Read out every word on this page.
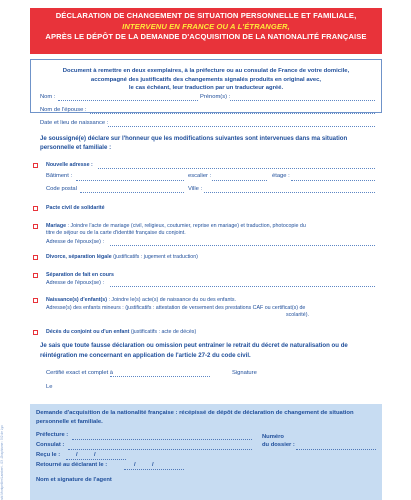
DÉCLARATION DE CHANGEMENT DE SITUATION PERSONNELLE ET FAMILIALE,
INTERVENU EN FRANCE OU A L'ÉTRANGER,
APRÈS LE DÉPÔT DE LA DEMANDE D'ACQUISITION DE LA NATIONALITÉ FRANÇAISE
Document à remettre en deux exemplaires, à la préfecture ou au consulat de France de votre domicile,
accompagné des justificatifs des changements signalés produits en original avec,
le cas échéant, leur traduction par un traducteur agréé.
Nom :	Prénom(s) :
Nom de l'épouse :
Date et lieu de naissance :
Je soussigné(e) déclare sur l'honneur que les modifications suivantes sont intervenues dans ma situation
personnelle et familiale :
Nouvelle adresse :
Bâtiment :	escalier :	étage :
Code postal	Ville :
Pacte civil de solidarité
Mariage : Joindre l'acte de mariage (civil, religieux, coutumier, reprise en mariage) et traduction, photocopie du
titre de séjour ou de la carte d'identité française du conjoint.
Adresse de l'époux(se) :
Divorce, séparation légale (justificatifs : jugement et traduction)
Séparation de fait en cours
Adresse de l'époux(se) :
Naissance(s) d'enfant(s) : Joindre le(s) acte(s) de naissance du ou des enfants.
Adresse(s) des enfants mineurs : (justificatifs : attestation de versement des prestations CAF ou certificat(s) de
scolarité).
Décès du conjoint ou d'un enfant (justificatifs : acte de décès)
Je sais que toute fausse déclaration ou omission peut entraîner le retrait du décret de naturalisation ou de
réintégration me concernant en application de l'article 27-2 du code civil.
Certifié exact et complet à	Signature
Le
n/d Montpellier/Lambert - 03 -Graphisme : 5/2 de Lyo
Demande d'acquisition de la nationalité française : récépissé de dépôt de déclaration de changement de situation
personnelle et familiale.
Préfecture :
Consulat :
Numéro
du dossier :
Reçu le :	/	/
Retourné au déclarant le :	/	/
Nom et signature de l'agent
